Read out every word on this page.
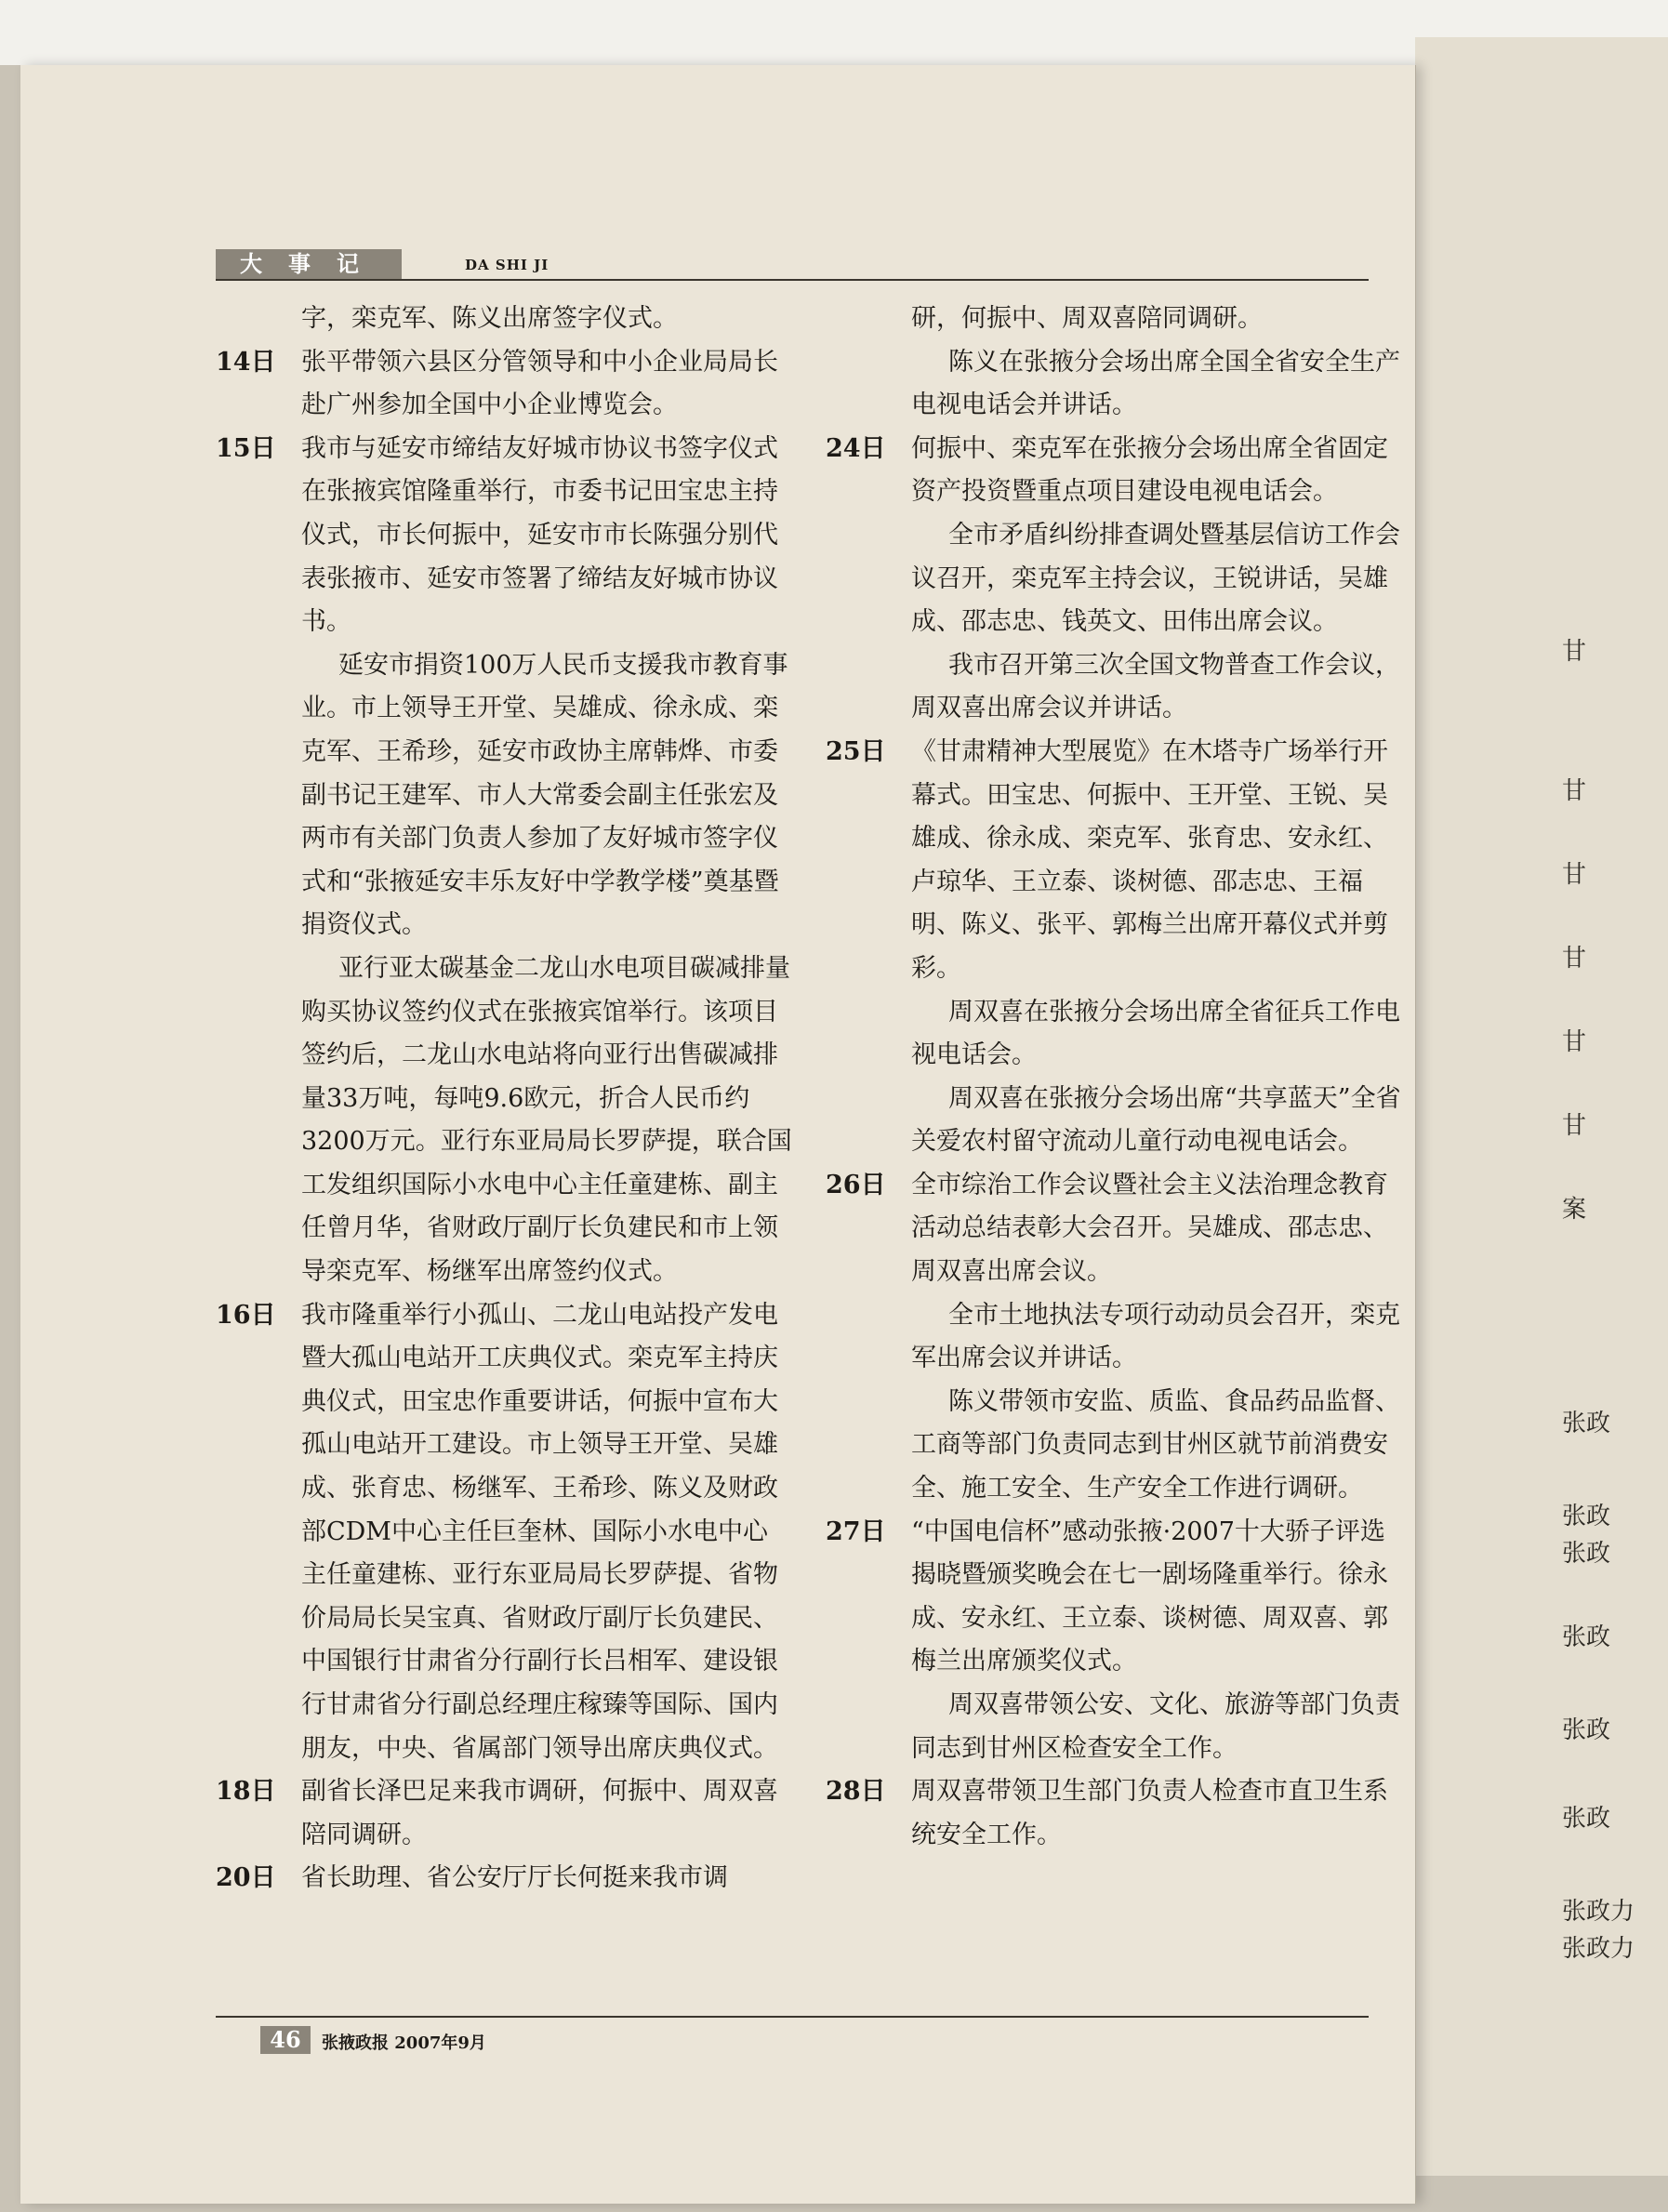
大事记	DA SHI JI
字，栾克军、陈义出席签字仪式。
14日	张平带领六县区分管领导和中小企业局局长赴广州参加全国中小企业博览会。
15日	我市与延安市缔结友好城市协议书签字仪式在张掖宾馆隆重举行，市委书记田宝忠主持仪式，市长何振中，延安市市长陈强分别代表张掖市、延安市签署了缔结友好城市协议书。
延安市捐资100万人民币支援我市教育事业。市上领导王开堂、吴雄成、徐永成、栾克军、王希珍，延安市政协主席韩烨、市委副书记王建军、市人大常委会副主任张宏及两市有关部门负责人参加了友好城市签字仪式和“张掖延安丰乐友好中学教学楼”奠基暨捐资仪式。
亚行亚太碳基金二龙山水电项目碳减排量购买协议签约仪式在张掖宾馆举行。该项目签约后，二龙山水电站将向亚行出售碳减排量33万吨，每吨9.6欧元，折合人民币约3200万元。亚行东亚局局长罗萨提，联合国工发组织国际小水电中心主任童建栋、副主任曾月华，省财政厅副厅长负建民和市上领导栾克军、杨继军出席签约仪式。
16日	我市隆重举行小孤山、二龙山电站投产发电暨大孤山电站开工庆典仪式。栾克军主持庆典仪式，田宝忠作重要讲话，何振中宣布大孤山电站开工建设。市上领导王开堂、吴雄成、张育忠、杨继军、王希珍、陈义及财政部CDM中心主任巨奎林、国际小水电中心主任童建栋、亚行东亚局局长罗萨提、省物价局局长吴宝真、省财政厅副厅长负建民、中国银行甘肃省分行副行长吕相军、建设银行甘肃省分行副总经理庄稼臻等国际、国内朋友，中央、省属部门领导出席庆典仪式。
18日	副省长泽巴足来我市调研，何振中、周双喜陪同调研。
20日	省长助理、省公安厅厅长何挺来我市调
研，何振中、周双喜陪同调研。
陈义在张掖分会场出席全国全省安全生产电视电话会并讲话。
24日	何振中、栾克军在张掖分会场出席全省固定资产投资暨重点项目建设电视电话会。
全市矛盾纠纷排查调处暨基层信访工作会议召开，栾克军主持会议，王锐讲话，吴雄成、邵志忠、钱英文、田伟出席会议。
我市召开第三次全国文物普查工作会议，周双喜出席会议并讲话。
25日	《甘肃精神大型展览》在木塔寺广场举行开幕式。田宝忠、何振中、王开堂、王锐、吴雄成、徐永成、栾克军、张育忠、安永红、卢琼华、王立泰、谈树德、邵志忠、王福明、陈义、张平、郭梅兰出席开幕仪式并剪彩。
周双喜在张掖分会场出席全省征兵工作电视电话会。
周双喜在张掖分会场出席“共享蓝天”全省关爱农村留守流动儿童行动电视电话会。
26日	全市综治工作会议暨社会主义法治理念教育活动总结表彰大会召开。吴雄成、邵志忠、周双喜出席会议。
全市土地执法专项行动动员会召开，栾克军出席会议并讲话。
陈义带领市安监、质监、食品药品监督、工商等部门负责同志到甘州区就节前消费安全、施工安全、生产安全工作进行调研。
27日	“中国电信杯”感动张掖·2007十大骄子评选揭晓暨颁奖晚会在七一剧场隆重举行。徐永成、安永红、王立泰、谈树德、周双喜、郭梅兰出席颁奖仪式。
周双喜带领公安、文化、旅游等部门负责同志到甘州区检查安全工作。
28日	周双喜带领卫生部门负责人检查市直卫生系统安全工作。
46	张掖政报 2007年9月
甘
甘
甘
甘
甘
甘
案
张政
张政
张政
张政
张政
张政
张政力
张政力
